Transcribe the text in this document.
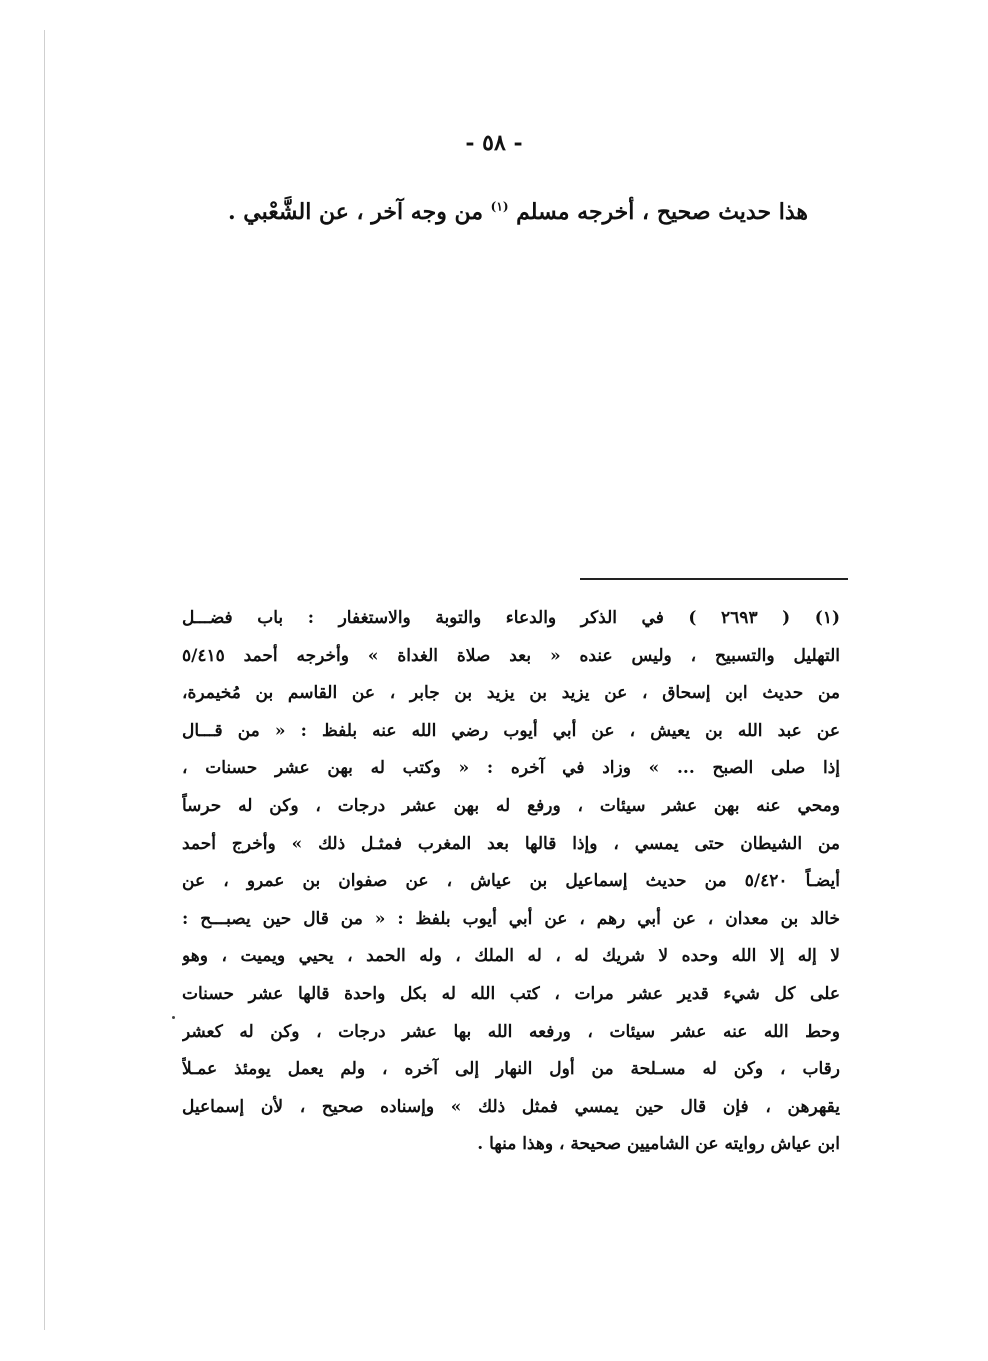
- ٥٨ -

هذا حديث صحيح ، أخرجه مسلم $^{(١)}$ من وجه آخر ، عن الشَّعْبي .

(١) ( ٢٦٩٣ ) في الذكر والدعاء والتوبة والاستغفار : باب فضـــل
التهليل والتسبيح ، وليس عنده « بعد صلاة الغداة » وأخرجه أحمد ٥/٤١٥
من حديث ابن إسحاق ، عن يزيد بن يزيد بن جابر ، عن القاسم بن مُخيمرة،
عن عبد الله بن يعيش ، عن أبي أيوب رضي الله عنه بلفظ : « من قـــال
إذا صلى الصبح ... » وزاد في آخره : « وكتب له بهن عشر حسنات ،
ومحي عنه بهن عشر سيئات ، ورفع له بهن عشر درجات ، وكن له حرساً
من الشيطان حتى يمسي ، وإذا قالها بعد المغرب فمثـل ذلك » وأخرج أحمد
أيضـاً ٥/٤٢٠ من حديث إسماعيل بن عياش ، عن صفوان بن عمرو ، عن
خالد بن معدان ، عن أبي رهم ، عن أبي أيوب بلفظ : « من قال حين يصبـــح :
لا إله إلا الله وحده لا شريك له ، له الملك ، وله الحمد ، يحيي ويميت ، وهو
على كل شيء قدير عشر مرات ، كتب الله له بكل واحدة قالها عشر حسنات
وحط الله عنه عشر سيئات ، ورفعه الله بها عشر درجات ، وكن له كعشر
رقاب ، وكن له مسـلحة من أول النهار إلى آخره ، ولم يعمل يومئذ عمـلاً
يقهرهن ، فإن قال حين يمسي فمثل ذلك » وإسناده صحيح ، لأن إسماعيل
ابن عياش روايته عن الشاميين صحيحة ، وهذا منها .
